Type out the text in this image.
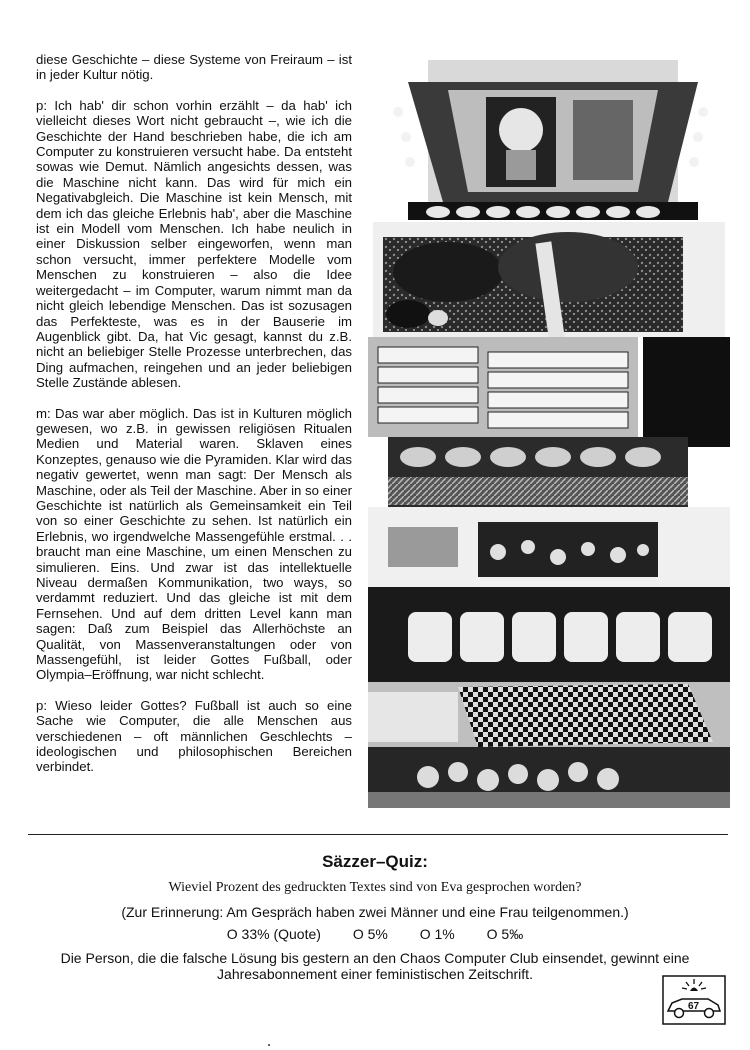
diese Geschichte – diese Systeme von Freiraum – ist in jeder Kultur nötig.

p: Ich hab' dir schon vorhin erzählt – da hab' ich vielleicht dieses Wort nicht gebraucht –, wie ich die Geschichte der Hand beschrieben habe, die ich am Computer zu konstruieren versucht habe. Da entsteht sowas wie Demut. Nämlich angesichts dessen, was die Maschine nicht kann. Das wird für mich ein Negativabgleich. Die Maschine ist kein Mensch, mit dem ich das gleiche Erlebnis hab', aber die Maschine ist ein Modell vom Menschen. Ich habe neulich in einer Diskussion selber eingeworfen, wenn man schon versucht, immer perfektere Modelle vom Menschen zu konstruieren – also die Idee weitergedacht – im Computer, warum nimmt man da nicht gleich lebendige Menschen. Das ist sozusagen das Perfekteste, was es in der Bauserie im Augenblick gibt. Da, hat Vic gesagt, kannst du z.B. nicht an beliebiger Stelle Prozesse unterbrechen, das Ding aufmachen, reingehen und an jeder beliebigen Stelle Zustände ablesen.

m: Das war aber möglich. Das ist in Kulturen möglich gewesen, wo z.B. in gewissen religiösen Ritualen Medien und Material waren. Sklaven eines Konzeptes, genauso wie die Pyramiden. Klar wird das negativ gewertet, wenn man sagt: Der Mensch als Maschine, oder als Teil der Maschine. Aber in so einer Geschichte ist natürlich als Gemeinsamkeit ein Teil von so einer Geschichte zu sehen. Ist natürlich ein Erlebnis, wo irgendwelche Massengefühle erstmal. . . braucht man eine Maschine, um einen Menschen zu simulieren. Eins. Und zwar ist das intellektuelle Niveau dermaßen Kommunikation, two ways, so verdammt reduziert. Und das gleiche ist mit dem Fernsehen. Und auf dem dritten Level kann man sagen: Daß zum Beispiel das Allerhöchste an Qualität, von Massenveranstaltungen oder von Massengefühl, ist leider Gottes Fußball, oder Olympia–Eröffnung, war nicht schlecht.

p: Wieso leider Gottes? Fußball ist auch so eine Sache wie Computer, die alle Menschen aus verschiedenen – oft männlichen Geschlechts – ideologischen und philosophischen Bereichen verbindet.

Säzzer–Quiz:
Wieviel Prozent des gedruckten Textes sind von Eva gesprochen worden?
(Zur Erinnerung: Am Gespräch haben zwei Männer und eine Frau teilgenommen.)
O 33% (Quote) O 5% O 1% O 5‰
Die Person, die die falsche Lösung bis gestern an den Chaos Computer Club einsendet, gewinnt eine Jahresabonnement einer feministischen Zeitschrift.
67
